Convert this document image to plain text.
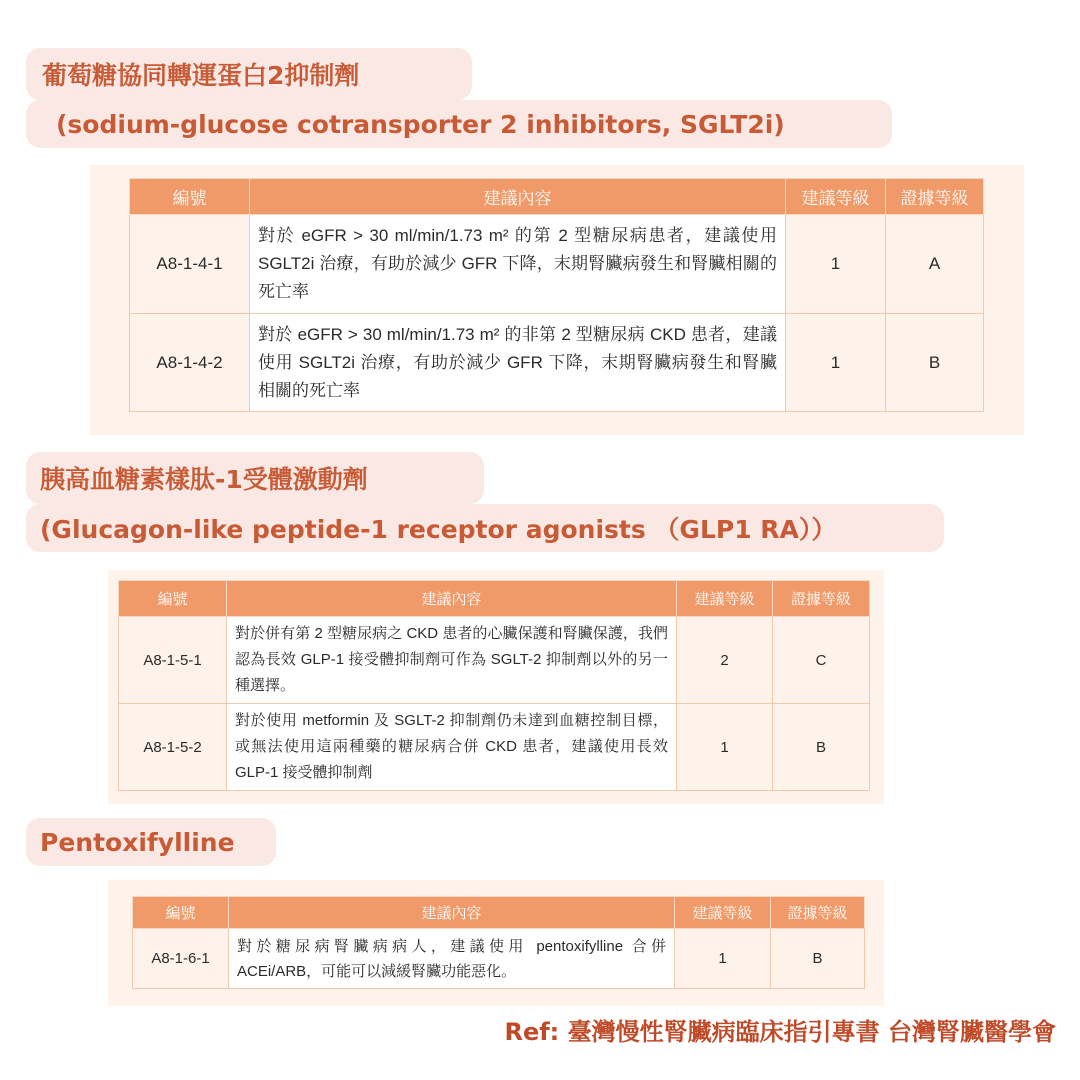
葡萄糖協同轉運蛋白2抑制劑
(sodium-glucose cotransporter 2 inhibitors, SGLT2i)
編號	建議內容	建議等級	證據等級
A8-1-4-1	對於 eGFR > 30 ml/min/1.73 m² 的第 2 型糖尿病患者，建議使用 SGLT2i 治療，有助於減少 GFR 下降，末期腎臟病發生和腎臟相關的死亡率	1	A
A8-1-4-2	對於 eGFR > 30 ml/min/1.73 m² 的非第 2 型糖尿病 CKD 患者，建議使用 SGLT2i 治療，有助於減少 GFR 下降，末期腎臟病發生和腎臟相關的死亡率	1	B
胰高血糖素樣肽-1受體激動劑
(Glucagon-like peptide-1 receptor agonists （GLP1 RA））
編號	建議內容	建議等級	證據等級
A8-1-5-1	對於併有第 2 型糖尿病之 CKD 患者的心臟保護和腎臟保護，我們認為長效 GLP-1 接受體抑制劑可作為 SGLT-2 抑制劑以外的另一種選擇。	2	C
A8-1-5-2	對於使用 metformin 及 SGLT-2 抑制劑仍未達到血糖控制目標，或無法使用這兩種藥的糖尿病合併 CKD 患者，建議使用長效 GLP-1 接受體抑制劑	1	B
Pentoxifylline
編號	建議內容	建議等級	證據等級
A8-1-6-1	對於糖尿病腎臟病病人，建議使用 pentoxifylline 合併 ACEi/ARB，可能可以減緩腎臟功能惡化。	1	B
Ref: 臺灣慢性腎臟病臨床指引專書 台灣腎臟醫學會
